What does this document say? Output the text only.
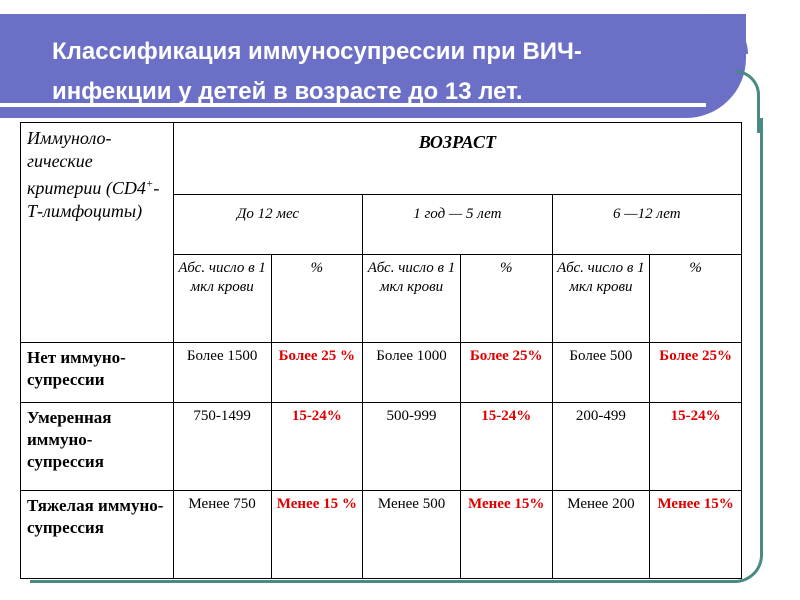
Классификация иммуносупрессии при ВИЧ-
инфекции у детей в возрасте до 13 лет.
Иммуноло-гические критерии (CD4+-Т-лимфоциты)	ВОЗРАСТ					
	До 12 мес		1 год — 5 лет		6 —12 лет	
	Абс. число в 1 мкл крови	%	Абс. число в 1 мкл крови	%	Абс. число в 1 мкл крови	%
Нет иммуно-супрессии	Более 1500	Более 25 %	Более 1000	Более 25%	Более 500	Более 25%
Умеренная иммуно-супрессия	750-1499	15-24%	500-999	15-24%	200-499	15-24%
Тяжелая иммуно-супрессия	Менее 750	Менее 15 %	Менее 500	Менее 15%	Менее 200	Менее 15%
